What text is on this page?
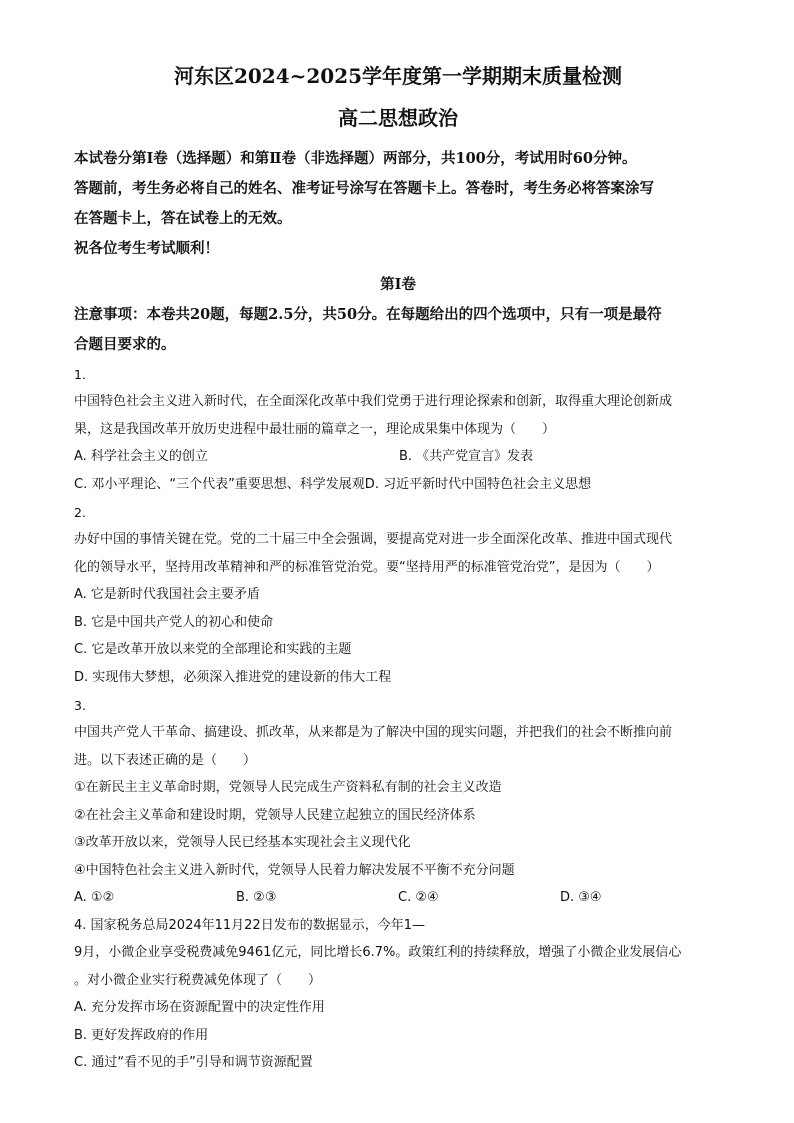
河东区2024~2025学年度第一学期期末质量检测
高二思想政治

本试卷分第Ⅰ卷（选择题）和第Ⅱ卷（非选择题）两部分，共100分，考试用时60分钟。

答题前，考生务必将自己的姓名、准考证号涂写在答题卡上。答卷时，考生务必将答案涂写

在答题卡上，答在试卷上的无效。

祝各位考生考试顺利！

第Ⅰ卷

注意事项：本卷共20题，每题2.5分，共50分。在每题给出的四个选项中，只有一项是最符

合题目要求的。

1.

中国特色社会主义进入新时代，在全面深化改革中我们党勇于进行理论探索和创新，取得重大理论创新成

果，这是我国改革开放历史进程中最壮丽的篇章之一，理论成果集中体现为（　　）

A. 科学社会主义的创立	B. 《共产党宣言》发表

C. 邓小平理论、“三个代表”重要思想、科学发展观D. 习近平新时代中国特色社会主义思想

2.

办好中国的事情关键在党。党的二十届三中全会强调，要提高党对进一步全面深化改革、推进中国式现代

化的领导水平，坚持用改革精神和严的标准管党治党。要“坚持用严的标准管党治党”，是因为（　　）

A. 它是新时代我国社会主要矛盾

B. 它是中国共产党人的初心和使命

C. 它是改革开放以来党的全部理论和实践的主题

D. 实现伟大梦想，必须深入推进党的建设新的伟大工程

3.

中国共产党人干革命、搞建设、抓改革，从来都是为了解决中国的现实问题，并把我们的社会不断推向前

进。以下表述正确的是（　　）

①在新民主主义革命时期，党领导人民完成生产资料私有制的社会主义改造

②在社会主义革命和建设时期，党领导人民建立起独立的国民经济体系

③改革开放以来，党领导人民已经基本实现社会主义现代化

④中国特色社会主义进入新时代，党领导人民着力解决发展不平衡不充分问题

A. ①②	B. ②③	C. ②④	D. ③④

4. 国家税务总局2024年11月22日发布的数据显示，今年1—

9月，小微企业享受税费减免9461亿元，同比增长6.7%。政策红利的持续释放，增强了小微企业发展信心

。对小微企业实行税费减免体现了（　　）

A. 充分发挥市场在资源配置中的决定性作用

B. 更好发挥政府的作用

C. 通过“看不见的手”引导和调节资源配置
